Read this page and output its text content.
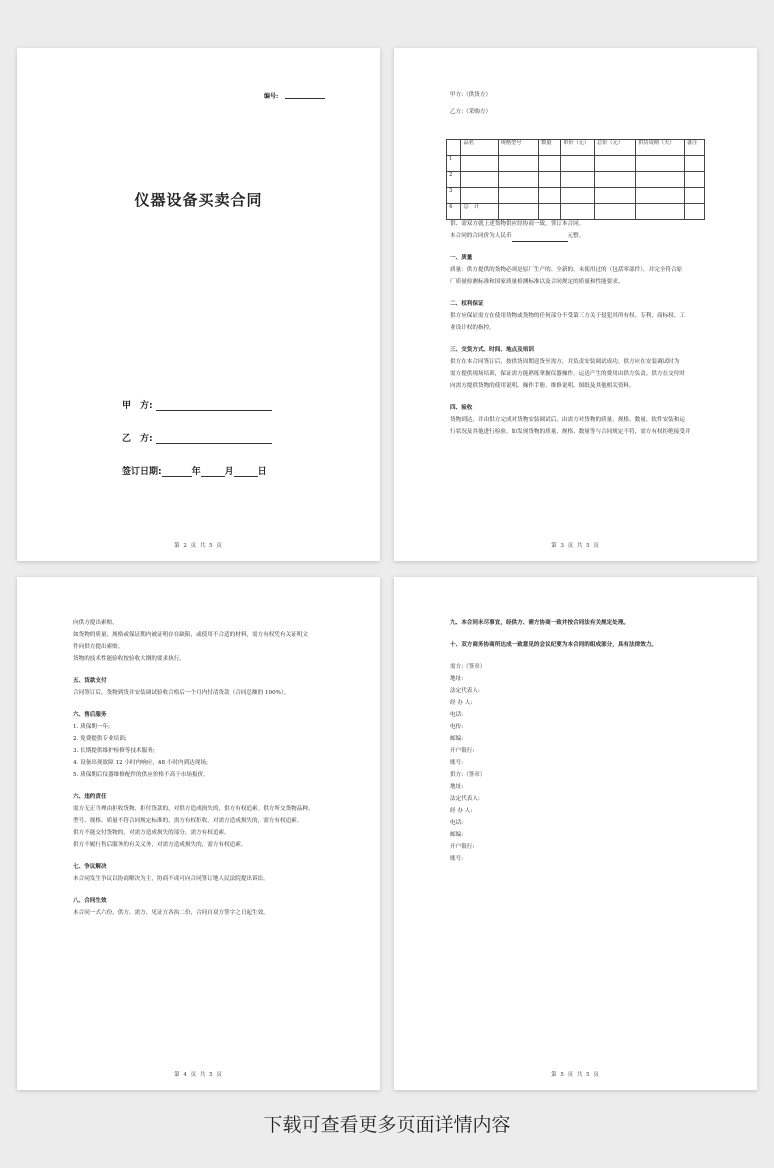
编号:
仪器设备买卖合同
甲　方:
乙　方:
签订日期:	年	月	日
第 2 页 共 5 页
甲方:（供货方）
乙方:（采购方）
	品名	规格型号	数量	单价（元）	总价（元）	供货周期（天）	备注
1							
2							
3							
4	总　计						

供、需双方就上述货物供应经协商一致，签订本合同。

本合同的合同价为人民币	元整。

一、质量

质量：供方提供的货物必须是原厂生产的、全新的、未使用过的（包括零部件），并完全符合原

厂质量检测标准和国家质量检测标准以及合同规定的质量和性能要求。

二、权利保证

供方应保证需方在使用货物或货物的任何部分不受第三方关于侵犯其所有权、专利、商标权、工

业设计权的指控。

三、交货方式、时间、地点及培训

供方在本合同签订后，按供货周期送货至需方，并负责安装调试成功。供方应在安装调试时为

需方提供现场培训，保证需方能熟练掌握仪器操作。运送产生的费用由供方负责。供方在交付时

向需方提供货物的使用说明、操作手册、维修说明、图纸及其他相关资料。

四、验收

货物到达，并由供方完成对货物安装调试后，由需方对货物的质量、规格、数量、软件安装和运

行状况及其他进行检验。如发现货物的质量、规格、数量等与合同规定不符，需方有权拒绝接受并

第 3 页 共 5 页

向供方提出索赔。

如货物的质量、规格或保证期内被证明存在缺陷，或使用不合适的材料，需方有权凭有关证明文

件向供方提出索赔。

货物的技术性能验收按验收大纲的要求执行。

五、货款支付

合同签订后，货物到货并安装调试验收合格后一个月内付清货款（合同总额的 100%）。

六、售后服务

1. 质保期一年;

2. 免费提供专业培训;

3. 长期提供维护检修等技术服务;

4. 设备出现故障 12 小时内响应，48 小时内到达现场;

5. 质保期后仪器维修配件的供应价格不高于市场报价。

六、违约责任

需方无正当理由拒收货物、拒付货款的，对供方造成损失的，供方有权追索。供方所交货物品种、

型号、规格、质量不符合同规定标准的，需方有权拒收，对需方造成损失的，需方有权追索。

供方不能交付货物的，对需方造成损失的部分，需方有权追索。

供方不履行售后服务的有关义务，对需方造成损失的，需方有权追索。

七、争议解决

本合同发生争议以协商解决为主，协商不成可向合同签订地人民法院提出诉讼。

八、合同生效

本合同一式六份，供方、需方、见证方各执二份，合同自双方签字之日起生效。

第 4 页 共 5 页

九、本合同未尽事宜，经供方、需方协商一致并按合同法有关规定处理。

十、双方商务协商所达成一致意见的会议纪要为本合同的组成部分，具有法律效力。

需方:（签章）

地址:

法定代表人:

经 办 人:

电话:

电传:

邮编:

开户银行:

账号:

供方:（签章）

地址:

法定代表人:

经 办 人:

电话:

邮编:

开户银行:

账号:

第 5 页 共 5 页
下载可查看更多页面详情内容
